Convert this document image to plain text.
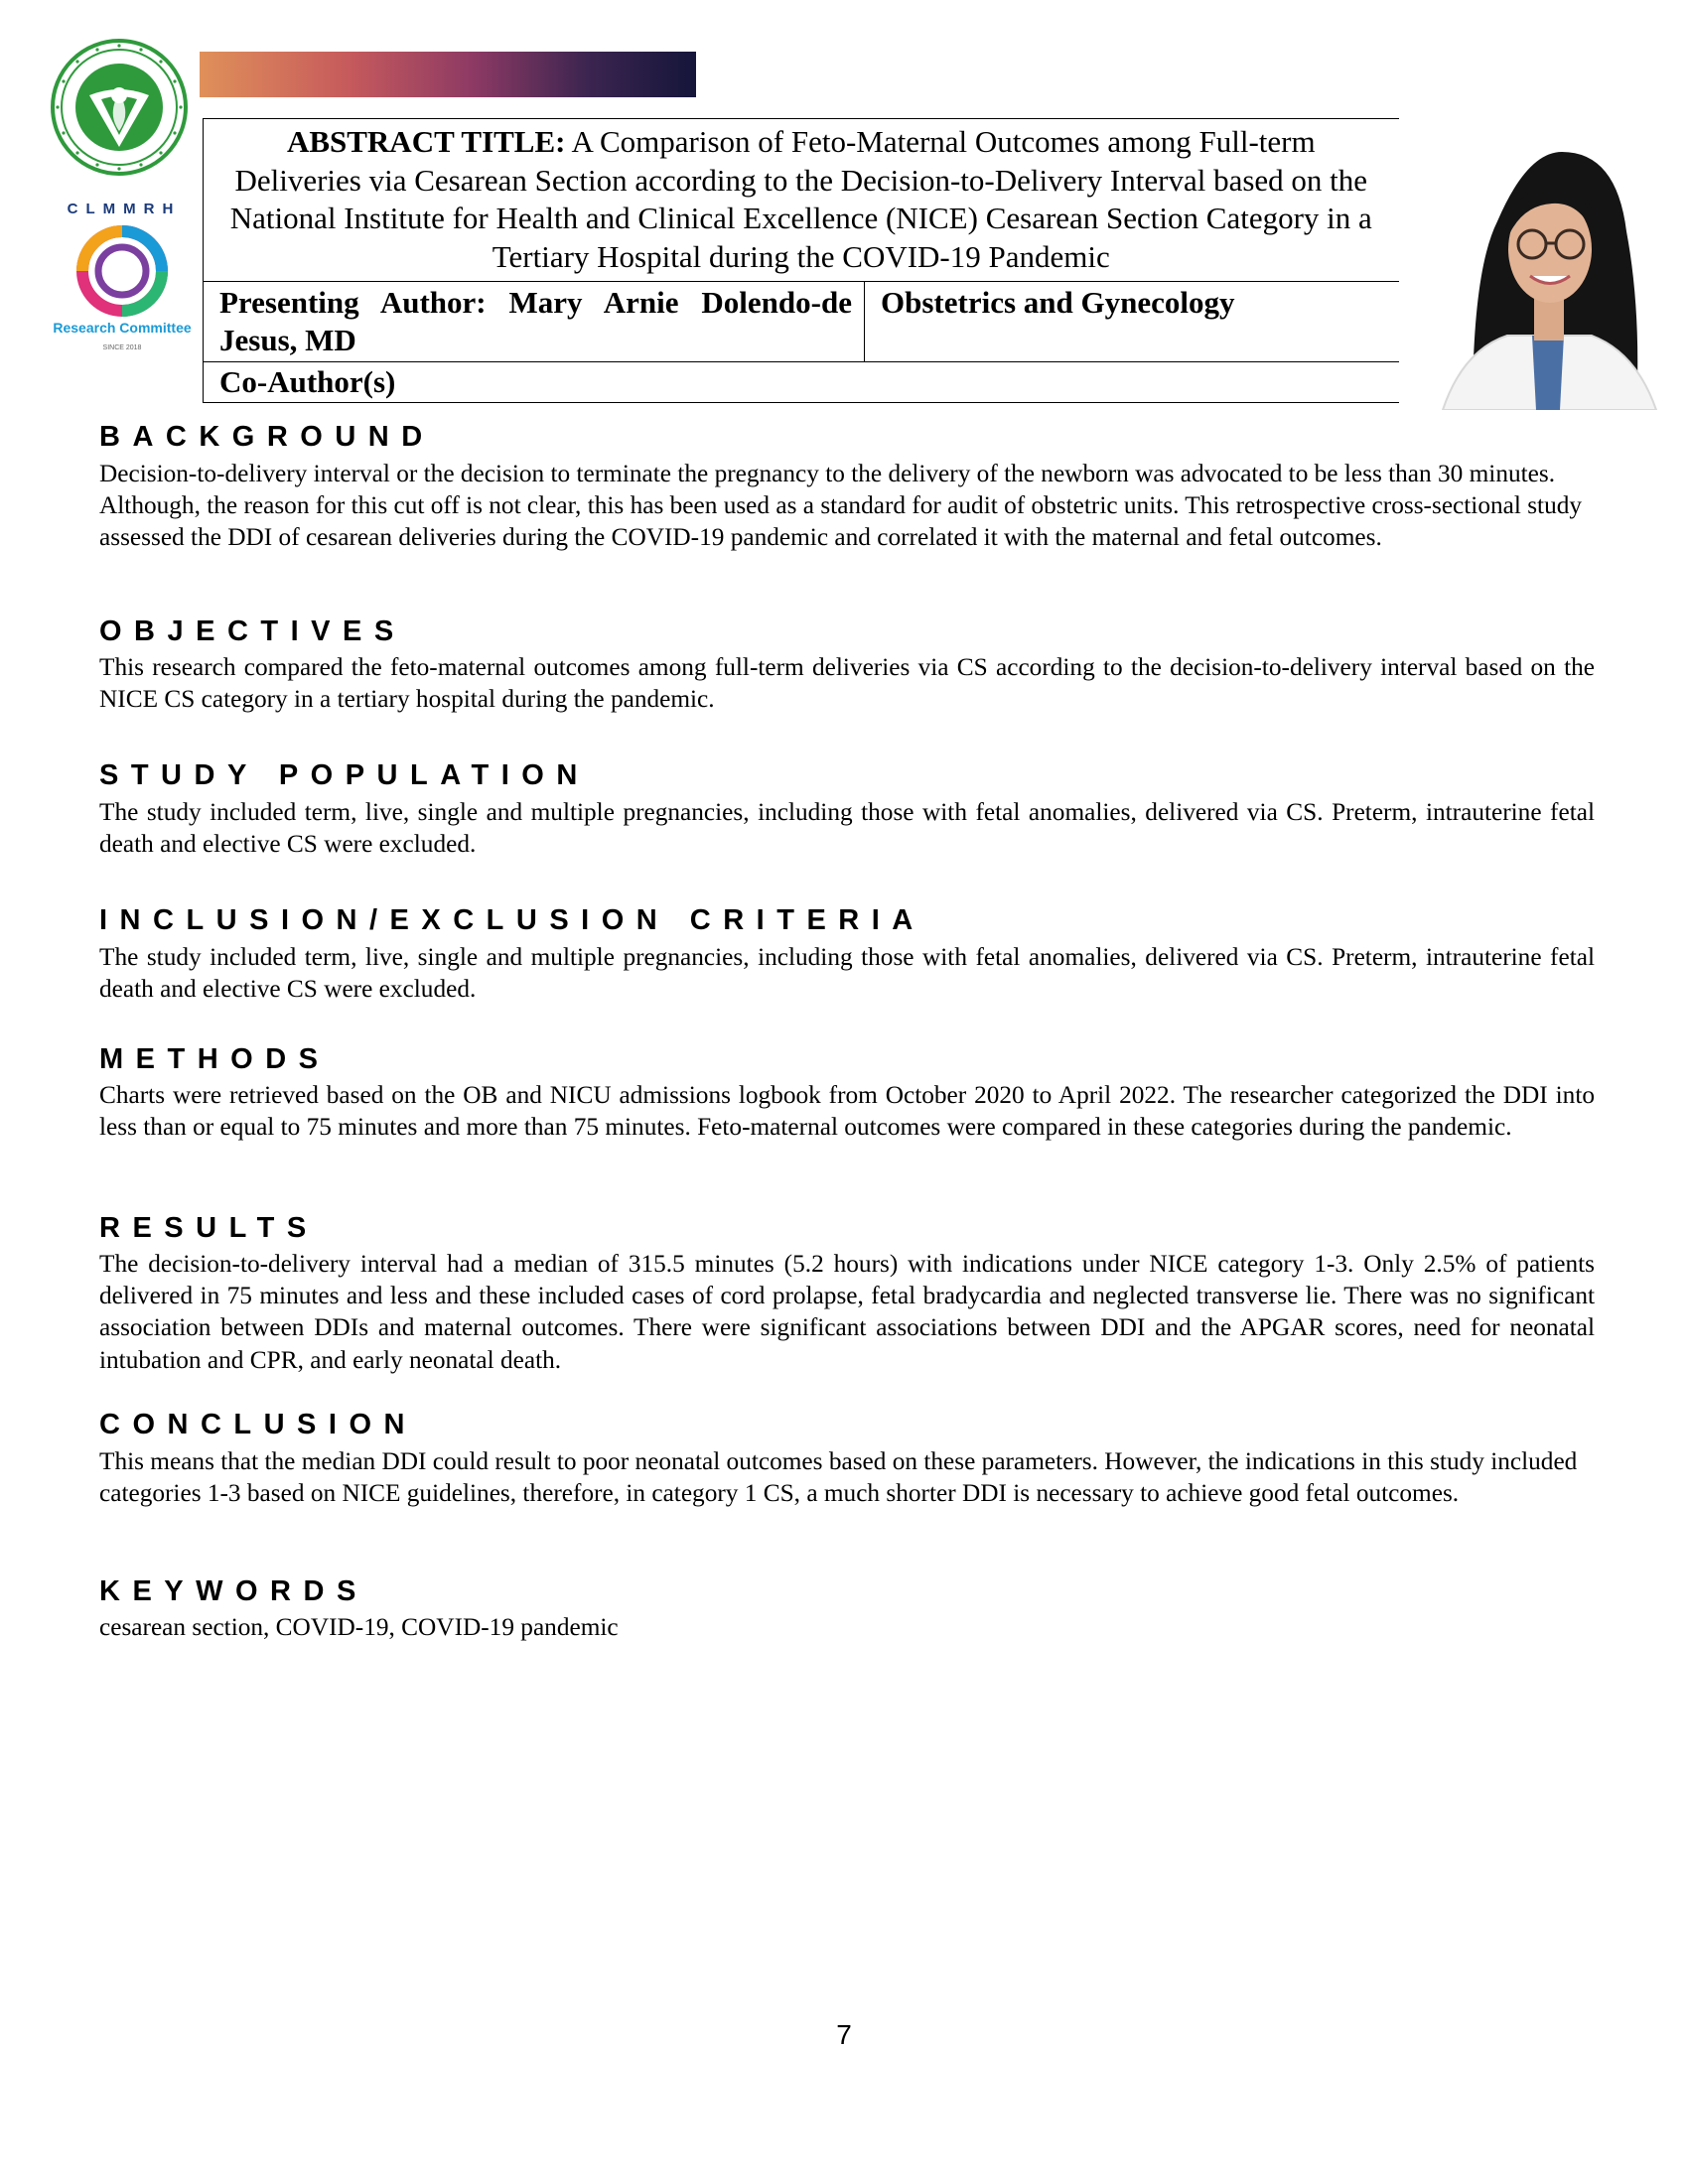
CLMMRH
Research Committee
SINCE 2018
ABSTRACT TITLE: A Comparison of Feto-Maternal Outcomes among Full-term Deliveries via Cesarean Section according to the Decision-to-Delivery Interval based on the National Institute for Health and Clinical Excellence (NICE) Cesarean Section Category in a Tertiary Hospital during the COVID-19 Pandemic
Presenting Author: Mary Arnie Dolendo-de Jesus, MD	Obstetrics and Gynecology
Co-Author(s)
BACKGROUND
Decision-to-delivery interval or the decision to terminate the pregnancy to the delivery of the newborn was advocated to be less than 30 minutes. Although, the reason for this cut off is not clear, this has been used as a standard for audit of obstetric units. This retrospective cross-sectional study assessed the DDI of cesarean deliveries during the COVID-19 pandemic and correlated it with the maternal and fetal outcomes.
OBJECTIVES
This research compared the feto-maternal outcomes among full-term deliveries via CS according to the decision-to-delivery interval based on the NICE CS category in a tertiary hospital during the pandemic.
STUDY POPULATION
The study included term, live, single and multiple pregnancies, including those with fetal anomalies, delivered via CS. Preterm, intrauterine fetal death and elective CS were excluded.
INCLUSION/EXCLUSION CRITERIA
The study included term, live, single and multiple pregnancies, including those with fetal anomalies, delivered via CS. Preterm, intrauterine fetal death and elective CS were excluded.
METHODS
Charts were retrieved based on the OB and NICU admissions logbook from October 2020 to April 2022. The researcher categorized the DDI into less than or equal to 75 minutes and more than 75 minutes. Feto-maternal outcomes were compared in these categories during the pandemic.
RESULTS
The decision-to-delivery interval had a median of 315.5 minutes (5.2 hours) with indications under NICE category 1-3. Only 2.5% of patients delivered in 75 minutes and less and these included cases of cord prolapse, fetal bradycardia and neglected transverse lie. There was no significant association between DDIs and maternal outcomes. There were significant associations between DDI and the APGAR scores, need for neonatal intubation and CPR, and early neonatal death.
CONCLUSION
This means that the median DDI could result to poor neonatal outcomes based on these parameters. However, the indications in this study included categories 1-3 based on NICE guidelines, therefore, in category 1 CS, a much shorter DDI is necessary to achieve good fetal outcomes.
KEYWORDS
cesarean section, COVID-19, COVID-19 pandemic
7
